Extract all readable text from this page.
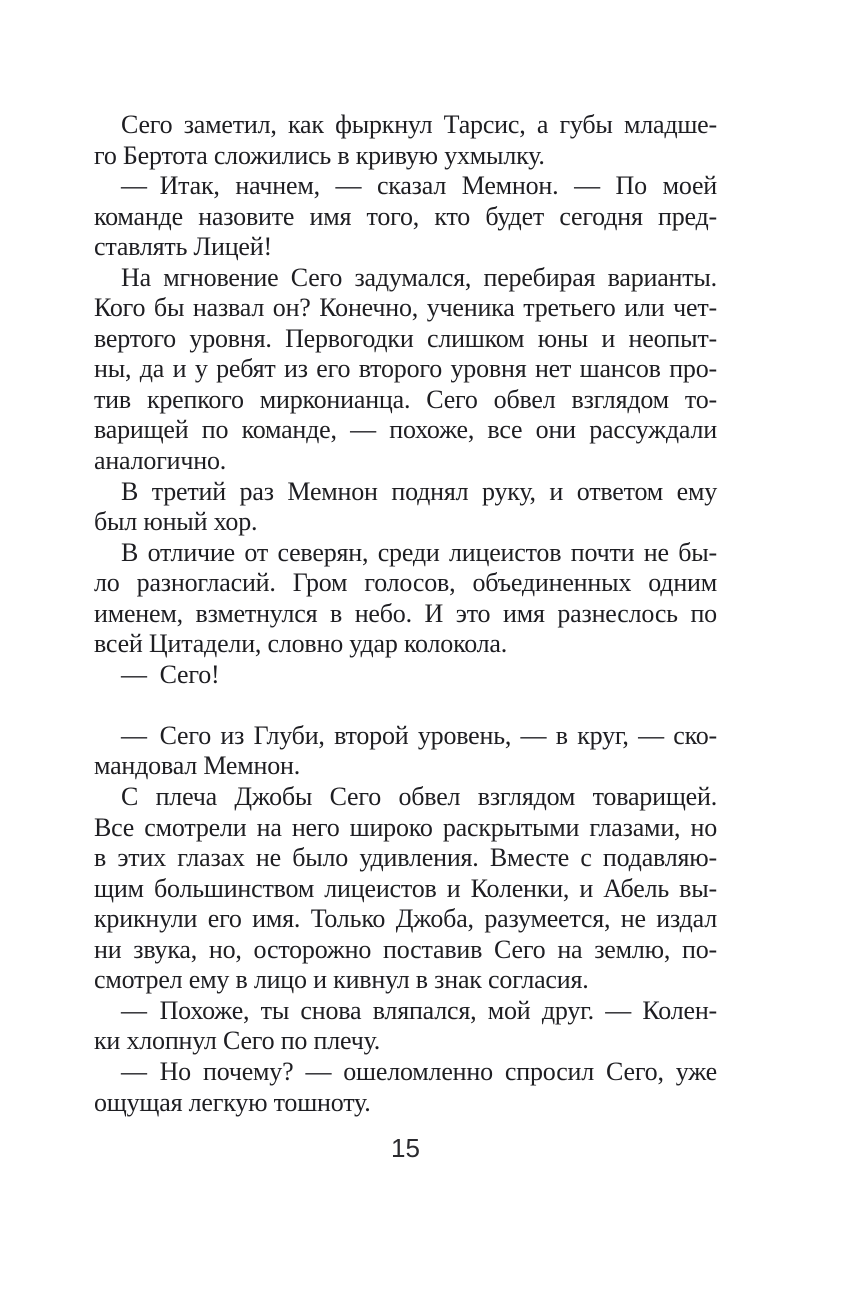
Сего заметил, как фыркнул Тарсис, а губы младше-
го Бертота сложились в кривую ухмылку.
— Итак, начнем, — сказал Мемнон. — По моей
команде назовите имя того, кто будет сегодня пред-
ставлять Лицей!
На мгновение Сего задумался, перебирая варианты.
Кого бы назвал он? Конечно, ученика третьего или чет-
вертого уровня. Первогодки слишком юны и неопыт-
ны, да и у ребят из его второго уровня нет шансов про-
тив крепкого мирконианца. Сего обвел взглядом то-
варищей по команде, — похоже, все они рассуждали
аналогично.
В третий раз Мемнон поднял руку, и ответом ему
был юный хор.
В отличие от северян, среди лицеистов почти не бы-
ло разногласий. Гром голосов, объединенных одним
именем, взметнулся в небо. И это имя разнеслось по
всей Цитадели, словно удар колокола.
— Сего!
— Сего из Глуби, второй уровень, — в круг, — ско-
мандовал Мемнон.
С плеча Джобы Сего обвел взглядом товарищей.
Все смотрели на него широко раскрытыми глазами, но
в этих глазах не было удивления. Вместе с подавляю-
щим большинством лицеистов и Коленки, и Абель вы-
крикнули его имя. Только Джоба, разумеется, не издал
ни звука, но, осторожно поставив Сего на землю, по-
смотрел ему в лицо и кивнул в знак согласия.
— Похоже, ты снова вляпался, мой друг. — Колен-
ки хлопнул Сего по плечу.
— Но почему? — ошеломленно спросил Сего, уже
ощущая легкую тошноту.
15
